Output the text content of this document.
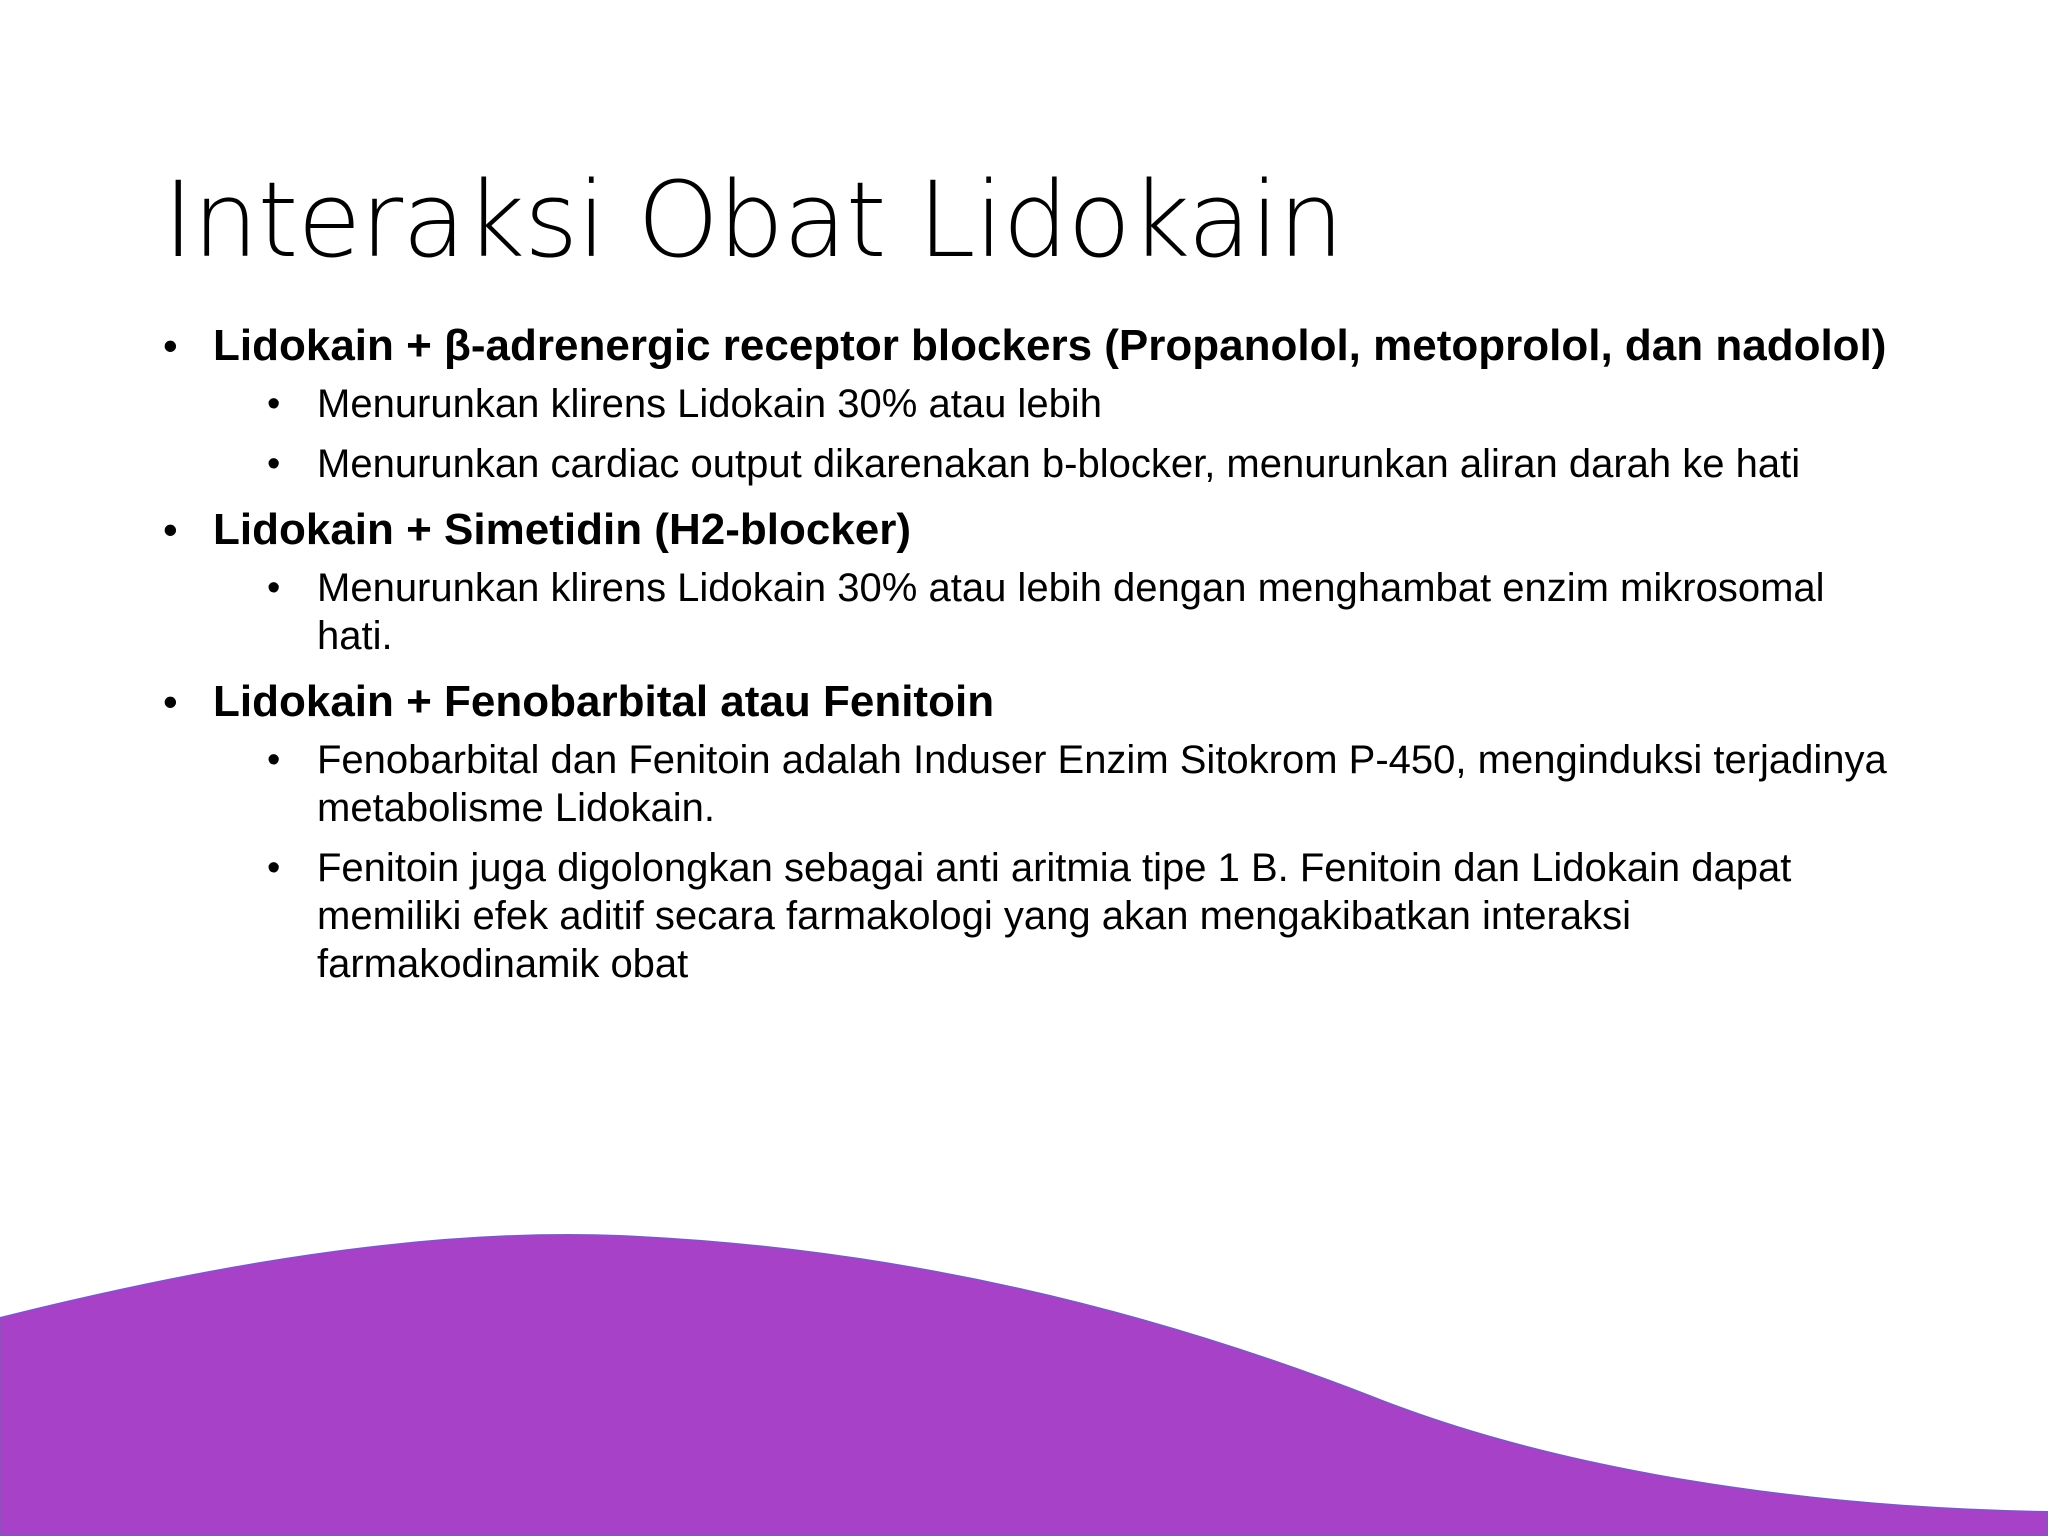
Interaksi Obat Lidokain
• Lidokain + β-adrenergic receptor blockers (Propanolol, metoprolol, dan nadolol)
• Menurunkan klirens Lidokain 30% atau lebih
• Menurunkan cardiac output dikarenakan b-blocker, menurunkan aliran darah ke hati
• Lidokain + Simetidin (H2-blocker)
• Menurunkan klirens Lidokain 30% atau lebih dengan menghambat enzim mikrosomal hati.
• Lidokain + Fenobarbital atau Fenitoin
• Fenobarbital dan Fenitoin adalah Induser Enzim Sitokrom P-450, menginduksi terjadinya metabolisme Lidokain.
• Fenitoin juga digolongkan sebagai anti aritmia tipe 1 B. Fenitoin dan Lidokain dapat memiliki efek aditif secara farmakologi yang akan mengakibatkan interaksi farmakodinamik obat
